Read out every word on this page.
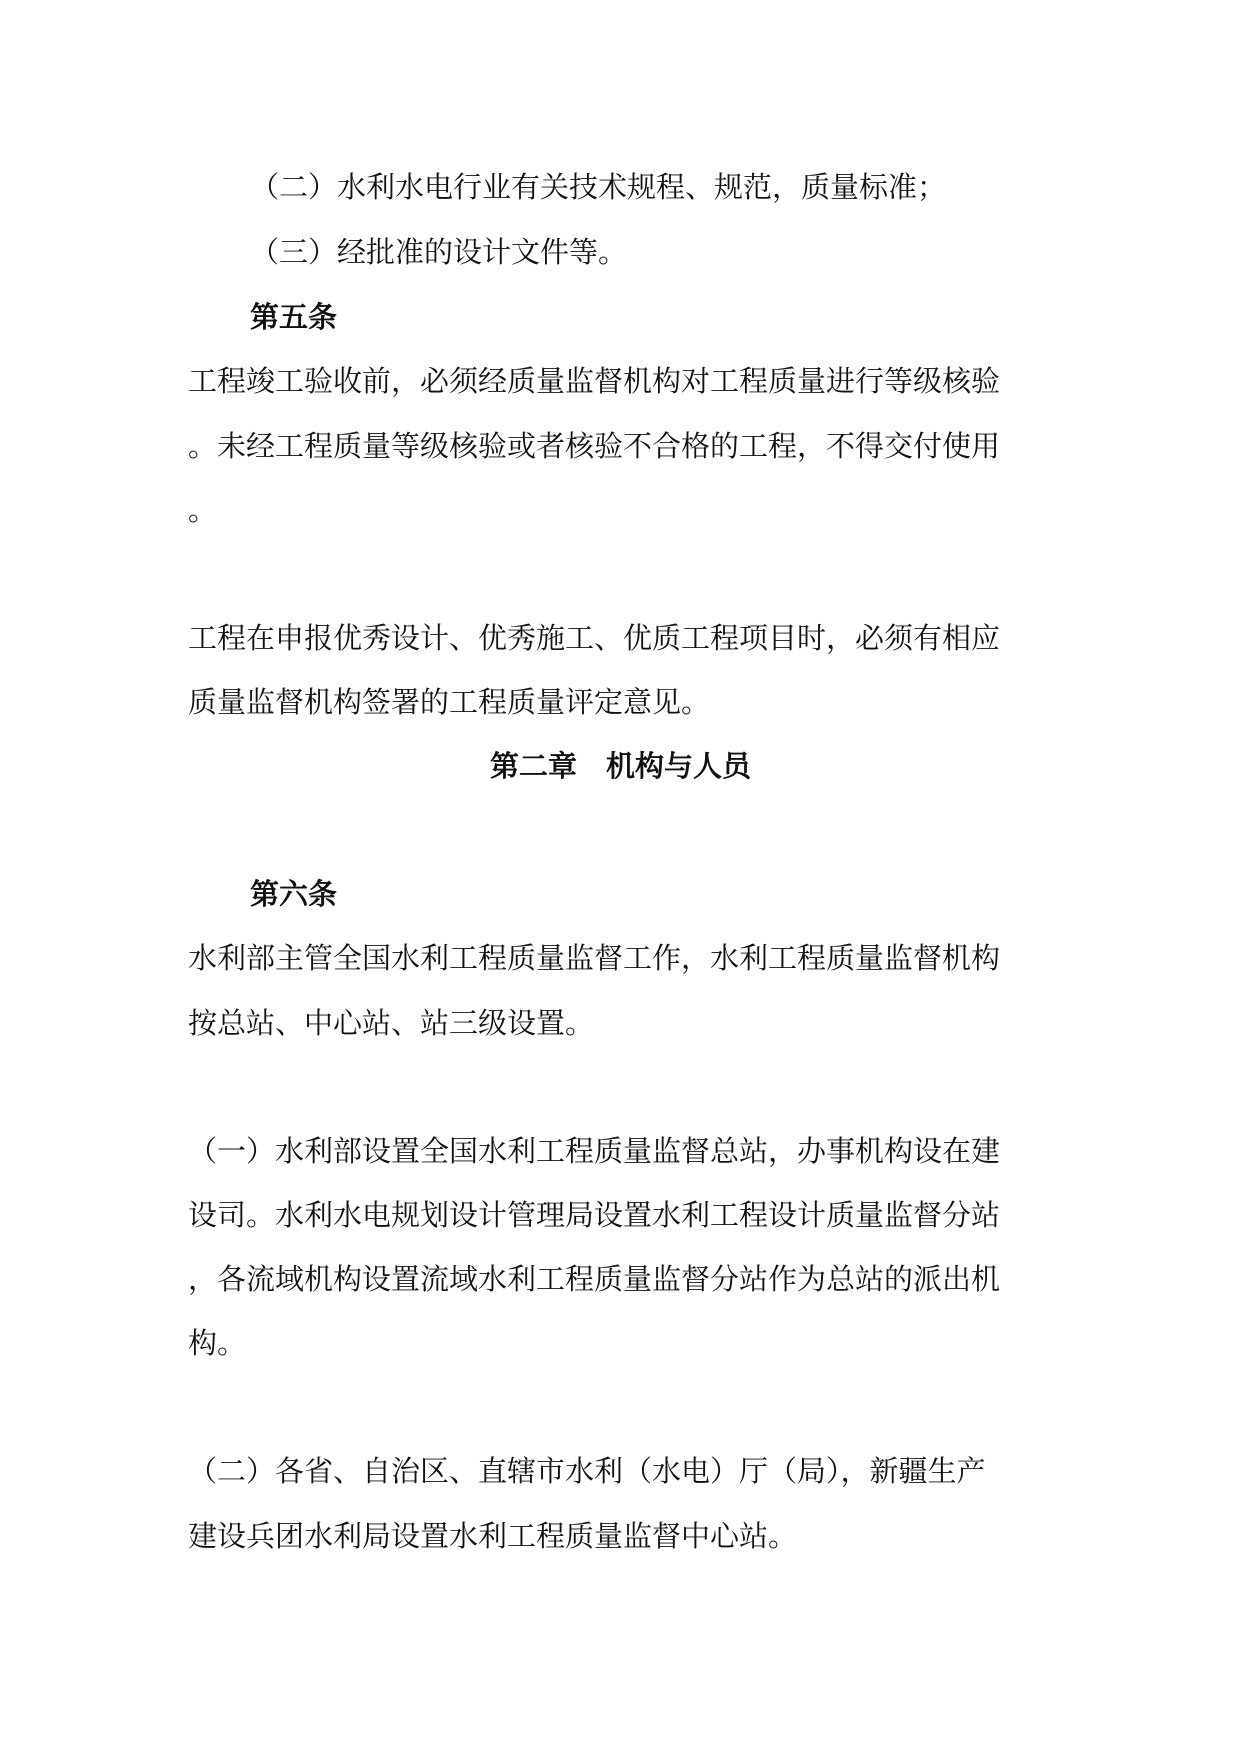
（二）水利水电行业有关技术规程、规范，质量标准；
（三）经批准的设计文件等。
第五条
工程竣工验收前，必须经质量监督机构对工程质量进行等级核验
。未经工程质量等级核验或者核验不合格的工程，不得交付使用
。
工程在申报优秀设计、优秀施工、优质工程项目时，必须有相应
质量监督机构签署的工程质量评定意见。
第二章　机构与人员
第六条
水利部主管全国水利工程质量监督工作，水利工程质量监督机构
按总站、中心站、站三级设置。
（一）水利部设置全国水利工程质量监督总站，办事机构设在建
设司。水利水电规划设计管理局设置水利工程设计质量监督分站
，各流域机构设置流域水利工程质量监督分站作为总站的派出机
构。
（二）各省、自治区、直辖市水利（水电）厅（局），新疆生产
建设兵团水利局设置水利工程质量监督中心站。
